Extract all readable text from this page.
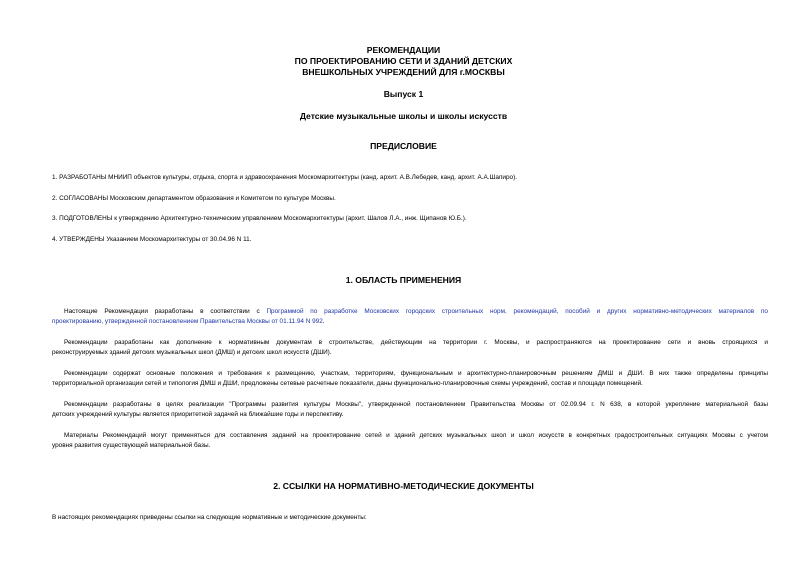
РЕКОМЕНДАЦИИ
ПО ПРОЕКТИРОВАНИЮ СЕТИ И ЗДАНИЙ ДЕТСКИХ
ВНЕШКОЛЬНЫХ УЧРЕЖДЕНИЙ ДЛЯ г.МОСКВЫ
Выпуск 1
Детские музыкальные школы и школы искусств
ПРЕДИСЛОВИЕ
1. РАЗРАБОТАНЫ МНИИП объектов культуры, отдыха, спорта и здравоохранения Москомархитектуры (канд. архит. А.В.Лебедев, канд. архит. А.А.Шапиро).
2. СОГЛАСОВАНЫ Московским департаментом образования и Комитетом по культуре Москвы.
3. ПОДГОТОВЛЕНЫ к утверждению Архитектурно-техническим управлением Москомархитектуры (архит. Шалов Л.А., инж. Щипанов Ю.Б.).
4. УТВЕРЖДЕНЫ Указанием Москомархитектуры от 30.04.96 N 11.
1. ОБЛАСТЬ ПРИМЕНЕНИЯ
Настоящие Рекомендации разработаны в соответствии с Программой по разработке Московских городских строительных норм, рекомендаций, пособий и других нормативно-методических материалов по
проектированию, утвержденной постановлением Правительства Москвы от 01.11.94 N 992.
Рекомендации разработаны как дополнение к нормативным документам в строительстве, действующим на территории г. Москвы, и распространяются на проектирование сети и вновь строящихся и
реконструируемых зданий детских музыкальных школ (ДМШ) и детских школ искусств (ДШИ).
Рекомендации содержат основные положения и требования к размещению, участкам, территориям, функциональным и архитектурно-планировочным решениям ДМШ и ДШИ. В них также определены принципы
территориальной организации сетей и типология ДМШ и ДШИ, предложены сетевые расчетные показатели, даны функционально-планировочные схемы учреждений, состав и площади помещений.
Рекомендации разработаны в целях реализации "Программы развития культуры Москвы", утвержденной постановлением Правительства Москвы от 02.09.94 г. N 638, в которой укрепление материальной базы
детских учреждений культуры является приоритетной задачей на ближайшие годы и перспективу.
Материалы Рекомендаций могут применяться для составления заданий на проектирование сетей и зданий детских музыкальных школ и школ искусств в конкретных градостроительных ситуациях Москвы с учетом
уровня развития существующей материальной базы.
2. ССЫЛКИ НА НОРМАТИВНО-МЕТОДИЧЕСКИЕ ДОКУМЕНТЫ
В настоящих рекомендациях приведены ссылки на следующие нормативные и методические документы:
